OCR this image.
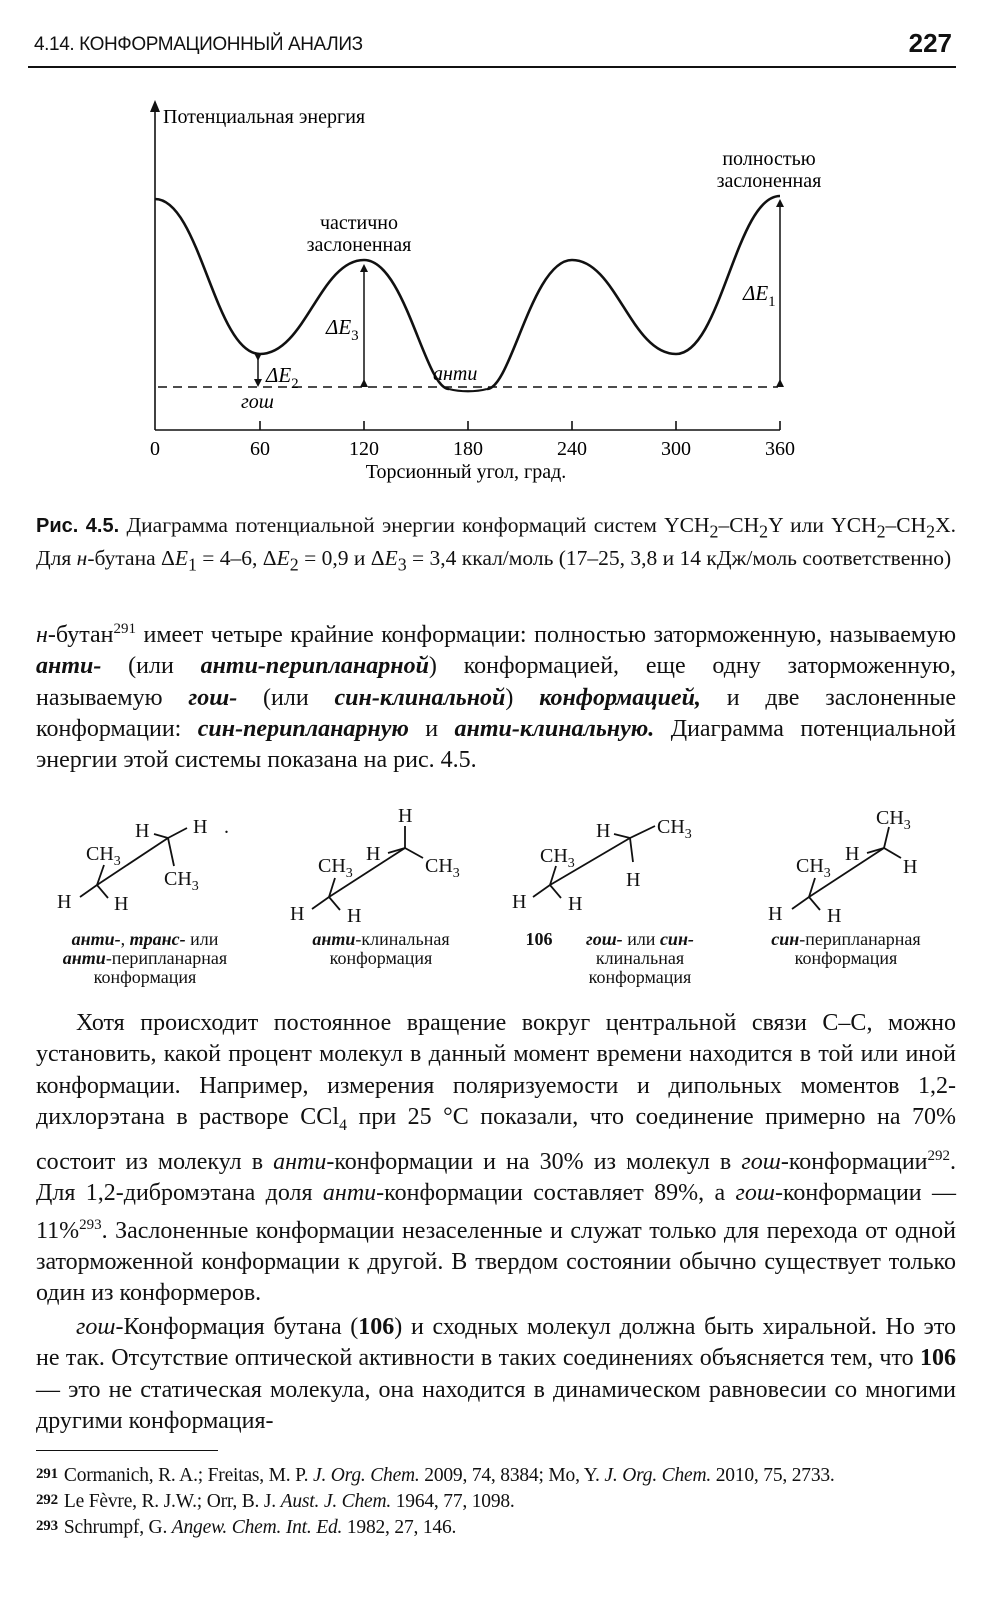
4.14. КОНФОРМАЦИОННЫЙ АНАЛИЗ	227
Потенциальная энергия
полностью
заслоненная
частично
заслоненная
анти
гош
$\Delta E_1$
$\Delta E_2$
$\Delta E_3$
0	60	120	180	240	300	360
Торсионный угол, град.
Рис. 4.5. Диаграмма потенциальной энергии конформаций систем $YCH_2-CH_2Y$ или $YCH_2-CH_2X$. Для н-бутана $\Delta E_1 = 4-6$, $\Delta E_2 = 0,9$ и $\Delta E_3 = 3,4$ ккал/моль (17–25, 3,8 и 14 кДж/моль соответственно)
н-бутан$^{291}$ имеет четыре крайние конформации: полностью заторможенную, называемую анти- (или анти-перипланарной) конформацией, еще одну заторможенную, называемую гош- (или син-клинальной) конформацией, и две заслоненные конформации: син-перипланарную и анти-клинальную. Диаграмма потенциальной энергии этой системы показана на рис. 4.5.
H H .
$CH_3$
$CH_3$
H H
H
H
$CH_3$	$CH_3$
H H
H $CH_3$
$CH_3$
H
H H
$CH_3$
H
$CH_3$	H
H H
анти-, транс- или
анти-перипланарная
конформация
анти-клинальная
конформация
106	гош- или син-
клинальная
конформация
син-перипланарная
конформация
Хотя происходит постоянное вращение вокруг центральной связи С–С, можно установить, какой процент молекул в данный момент времени находится в той или иной конформации. Например, измерения поляризуемости и дипольных моментов 1,2-дихлорэтана в растворе CCl$_4$ при 25 °С показали, что соединение примерно на 70% состоит из молекул в анти-конформации и на 30% из молекул в гош-конформации$^{292}$. Для 1,2-дибромэтана доля анти-конформации составляет 89%, а гош-конформации — 11%$^{293}$. Заслоненные конформации незаселенные и служат только для перехода от одной заторможенной конформации к другой. В твердом состоянии обычно существует только один из конформеров.
гош-Конформация бутана (106) и сходных молекул должна быть хиральной. Но это не так. Отсутствие оптической активности в таких соединениях объясняется тем, что 106 — это не статическая молекула, она находится в динамическом равновесии со многими другими конформация-
291 Cormanich, R. A.; Freitas, M. P. J. Org. Chem. 2009, 74, 8384; Mo, Y. J. Org. Chem. 2010, 75, 2733.
292 Le Fèvre, R. J.W.; Orr, B. J. Aust. J. Chem. 1964, 77, 1098.
293 Schrumpf, G. Angew. Chem. Int. Ed. 1982, 27, 146.
